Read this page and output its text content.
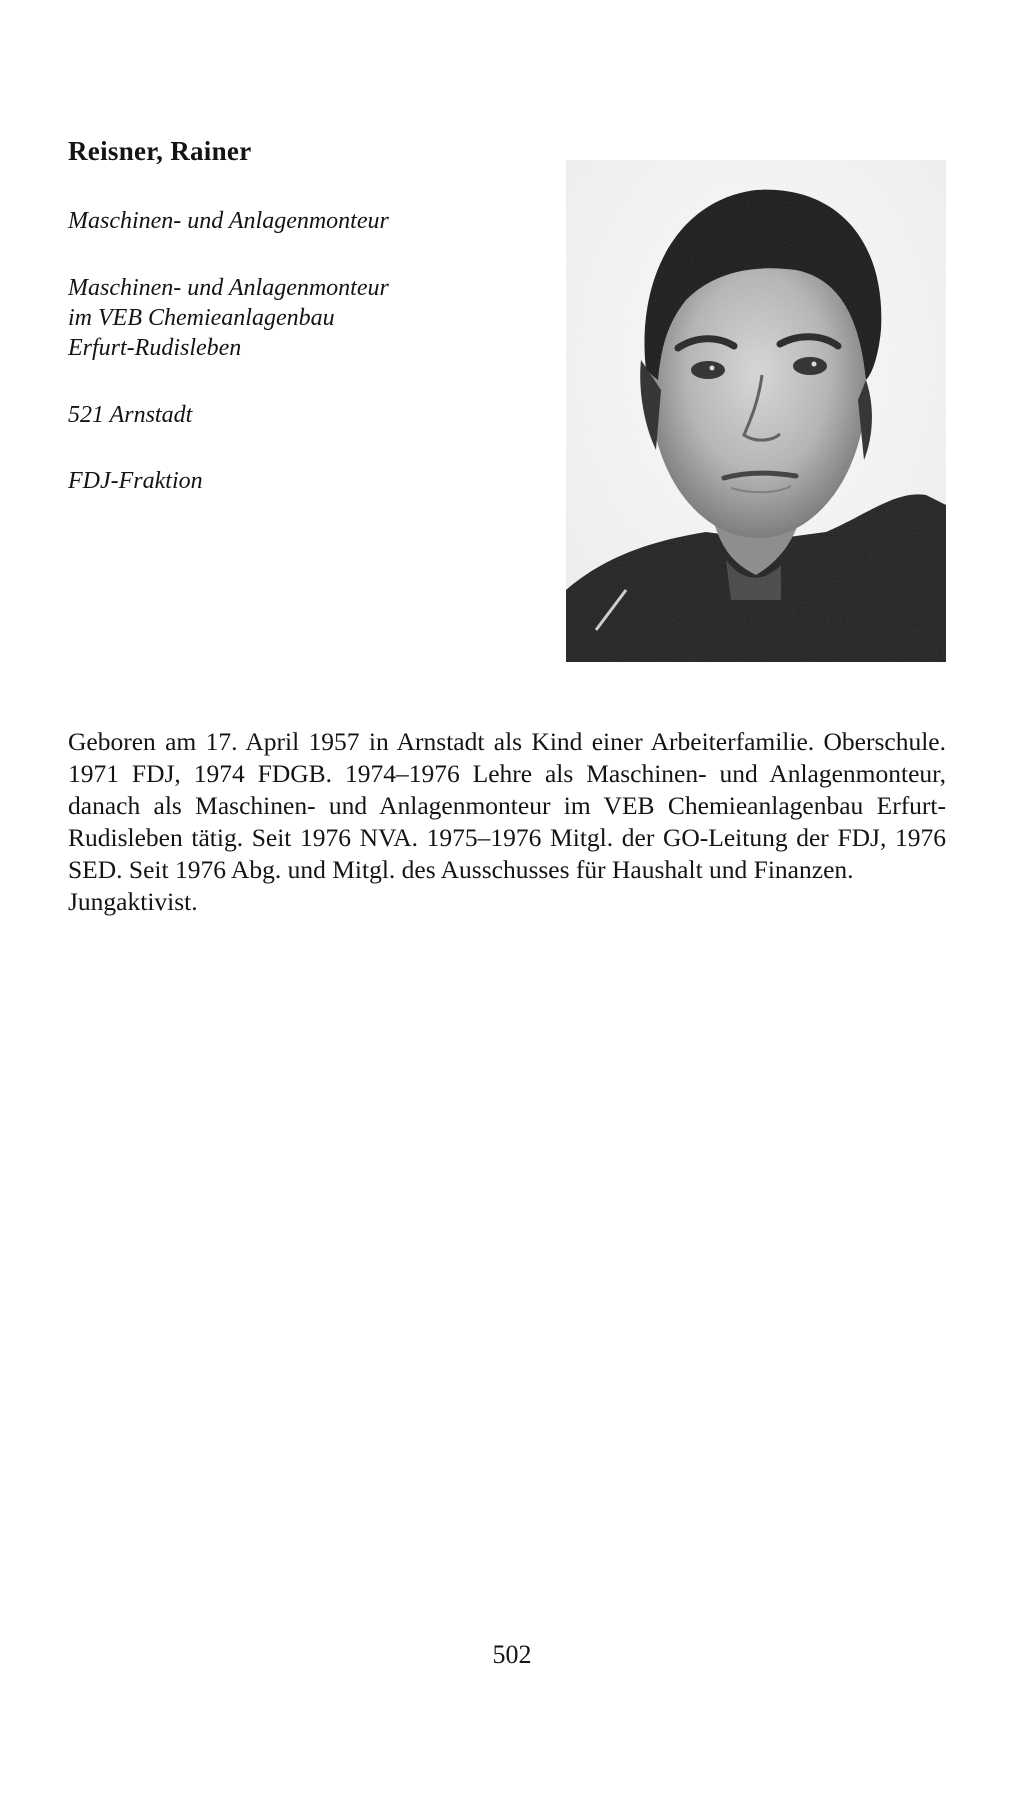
Reisner, Rainer
Maschinen- und Anlagenmonteur
Maschinen- und Anlagenmonteur
im VEB Chemieanlagenbau
Erfurt-Rudisleben
521 Arnstadt
FDJ-Fraktion
Geboren am 17. April 1957 in Arnstadt als Kind einer Arbeiterfamilie. Oberschule. 1971 FDJ, 1974 FDGB. 1974–1976 Lehre als Maschinen- und Anlagenmonteur, danach als Maschinen- und Anlagenmonteur im VEB Chemieanlagenbau Erfurt-Rudisleben tätig. Seit 1976 NVA. 1975–1976 Mitgl. der GO-Leitung der FDJ, 1976 SED. Seit 1976 Abg. und Mitgl. des Ausschusses für Haushalt und Finanzen.
Jungaktivist.
502
